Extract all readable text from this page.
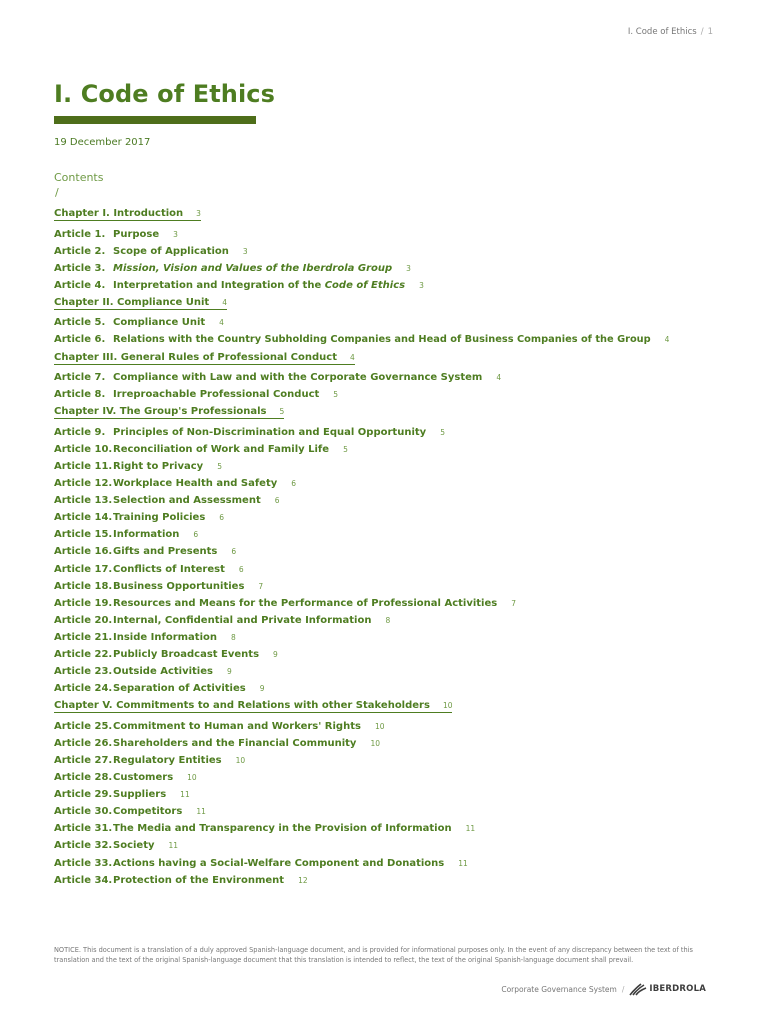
I. Code of Ethics / 1
I. Code of Ethics
19 December 2017
Contents
/
Chapter I. Introduction 3
Article 1. Purpose 3
Article 2. Scope of Application 3
Article 3. Mission, Vision and Values of the Iberdrola Group 3
Article 4. Interpretation and Integration of the Code of Ethics 3
Chapter II. Compliance Unit 4
Article 5. Compliance Unit 4
Article 6. Relations with the Country Subholding Companies and Head of Business Companies of the Group 4
Chapter III. General Rules of Professional Conduct 4
Article 7. Compliance with Law and with the Corporate Governance System 4
Article 8. Irreproachable Professional Conduct 5
Chapter IV. The Group's Professionals 5
Article 9. Principles of Non-Discrimination and Equal Opportunity 5
Article 10. Reconciliation of Work and Family Life 5
Article 11. Right to Privacy 5
Article 12. Workplace Health and Safety 6
Article 13. Selection and Assessment 6
Article 14. Training Policies 6
Article 15. Information 6
Article 16. Gifts and Presents 6
Article 17. Conflicts of Interest 6
Article 18. Business Opportunities 7
Article 19. Resources and Means for the Performance of Professional Activities 7
Article 20. Internal, Confidential and Private Information 8
Article 21. Inside Information 8
Article 22. Publicly Broadcast Events 9
Article 23. Outside Activities 9
Article 24. Separation of Activities 9
Chapter V. Commitments to and Relations with other Stakeholders 10
Article 25. Commitment to Human and Workers' Rights 10
Article 26. Shareholders and the Financial Community 10
Article 27. Regulatory Entities 10
Article 28. Customers 10
Article 29. Suppliers 11
Article 30. Competitors 11
Article 31. The Media and Transparency in the Provision of Information 11
Article 32. Society 11
Article 33. Actions having a Social-Welfare Component and Donations 11
Article 34. Protection of the Environment 12
NOTICE. This document is a translation of a duly approved Spanish-language document, and is provided for informational purposes only. In the event of any discrepancy between the text of this translation and the text of the original Spanish-language document that this translation is intended to reflect, the text of the original Spanish-language document shall prevail.
Corporate Governance System /	IBERDROLA
